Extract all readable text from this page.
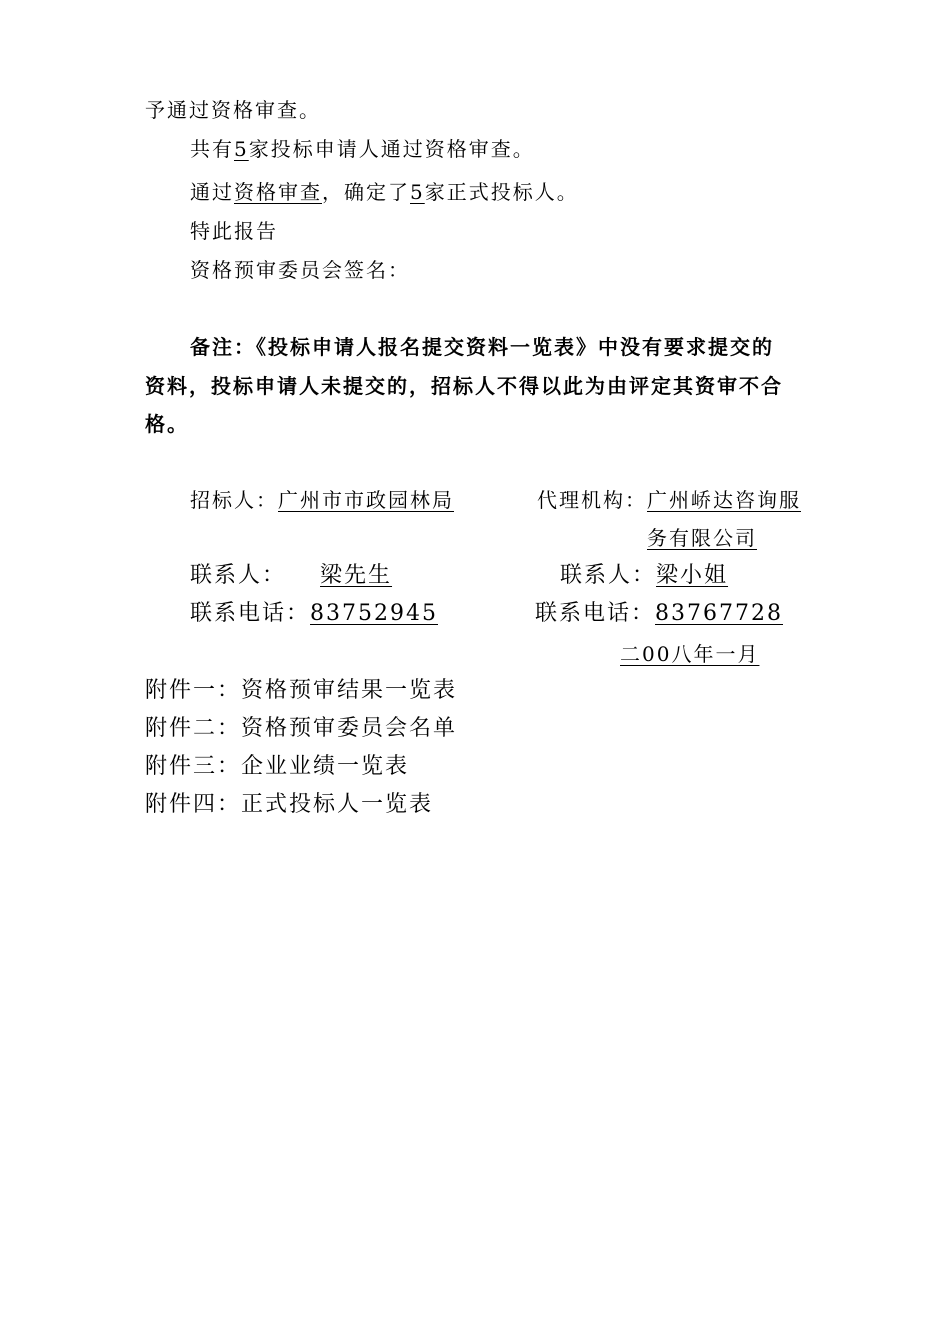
予通过资格审查。
共有5家投标申请人通过资格审查。
通过资格审查，确定了5家正式投标人。
特此报告
资格预审委员会签名：
备注：《投标申请人报名提交资料一览表》中没有要求提交的
资料，投标申请人未提交的，招标人不得以此为由评定其资审不合
格。
招标人：广州市市政园林局	代理机构：广州峤达咨询服
务有限公司
联系人： 梁先生	联系人：梁小姐
联系电话：83752945	联系电话：83767728
二00八年一月
附件一：资格预审结果一览表
附件二：资格预审委员会名单
附件三：企业业绩一览表
附件四：正式投标人一览表
